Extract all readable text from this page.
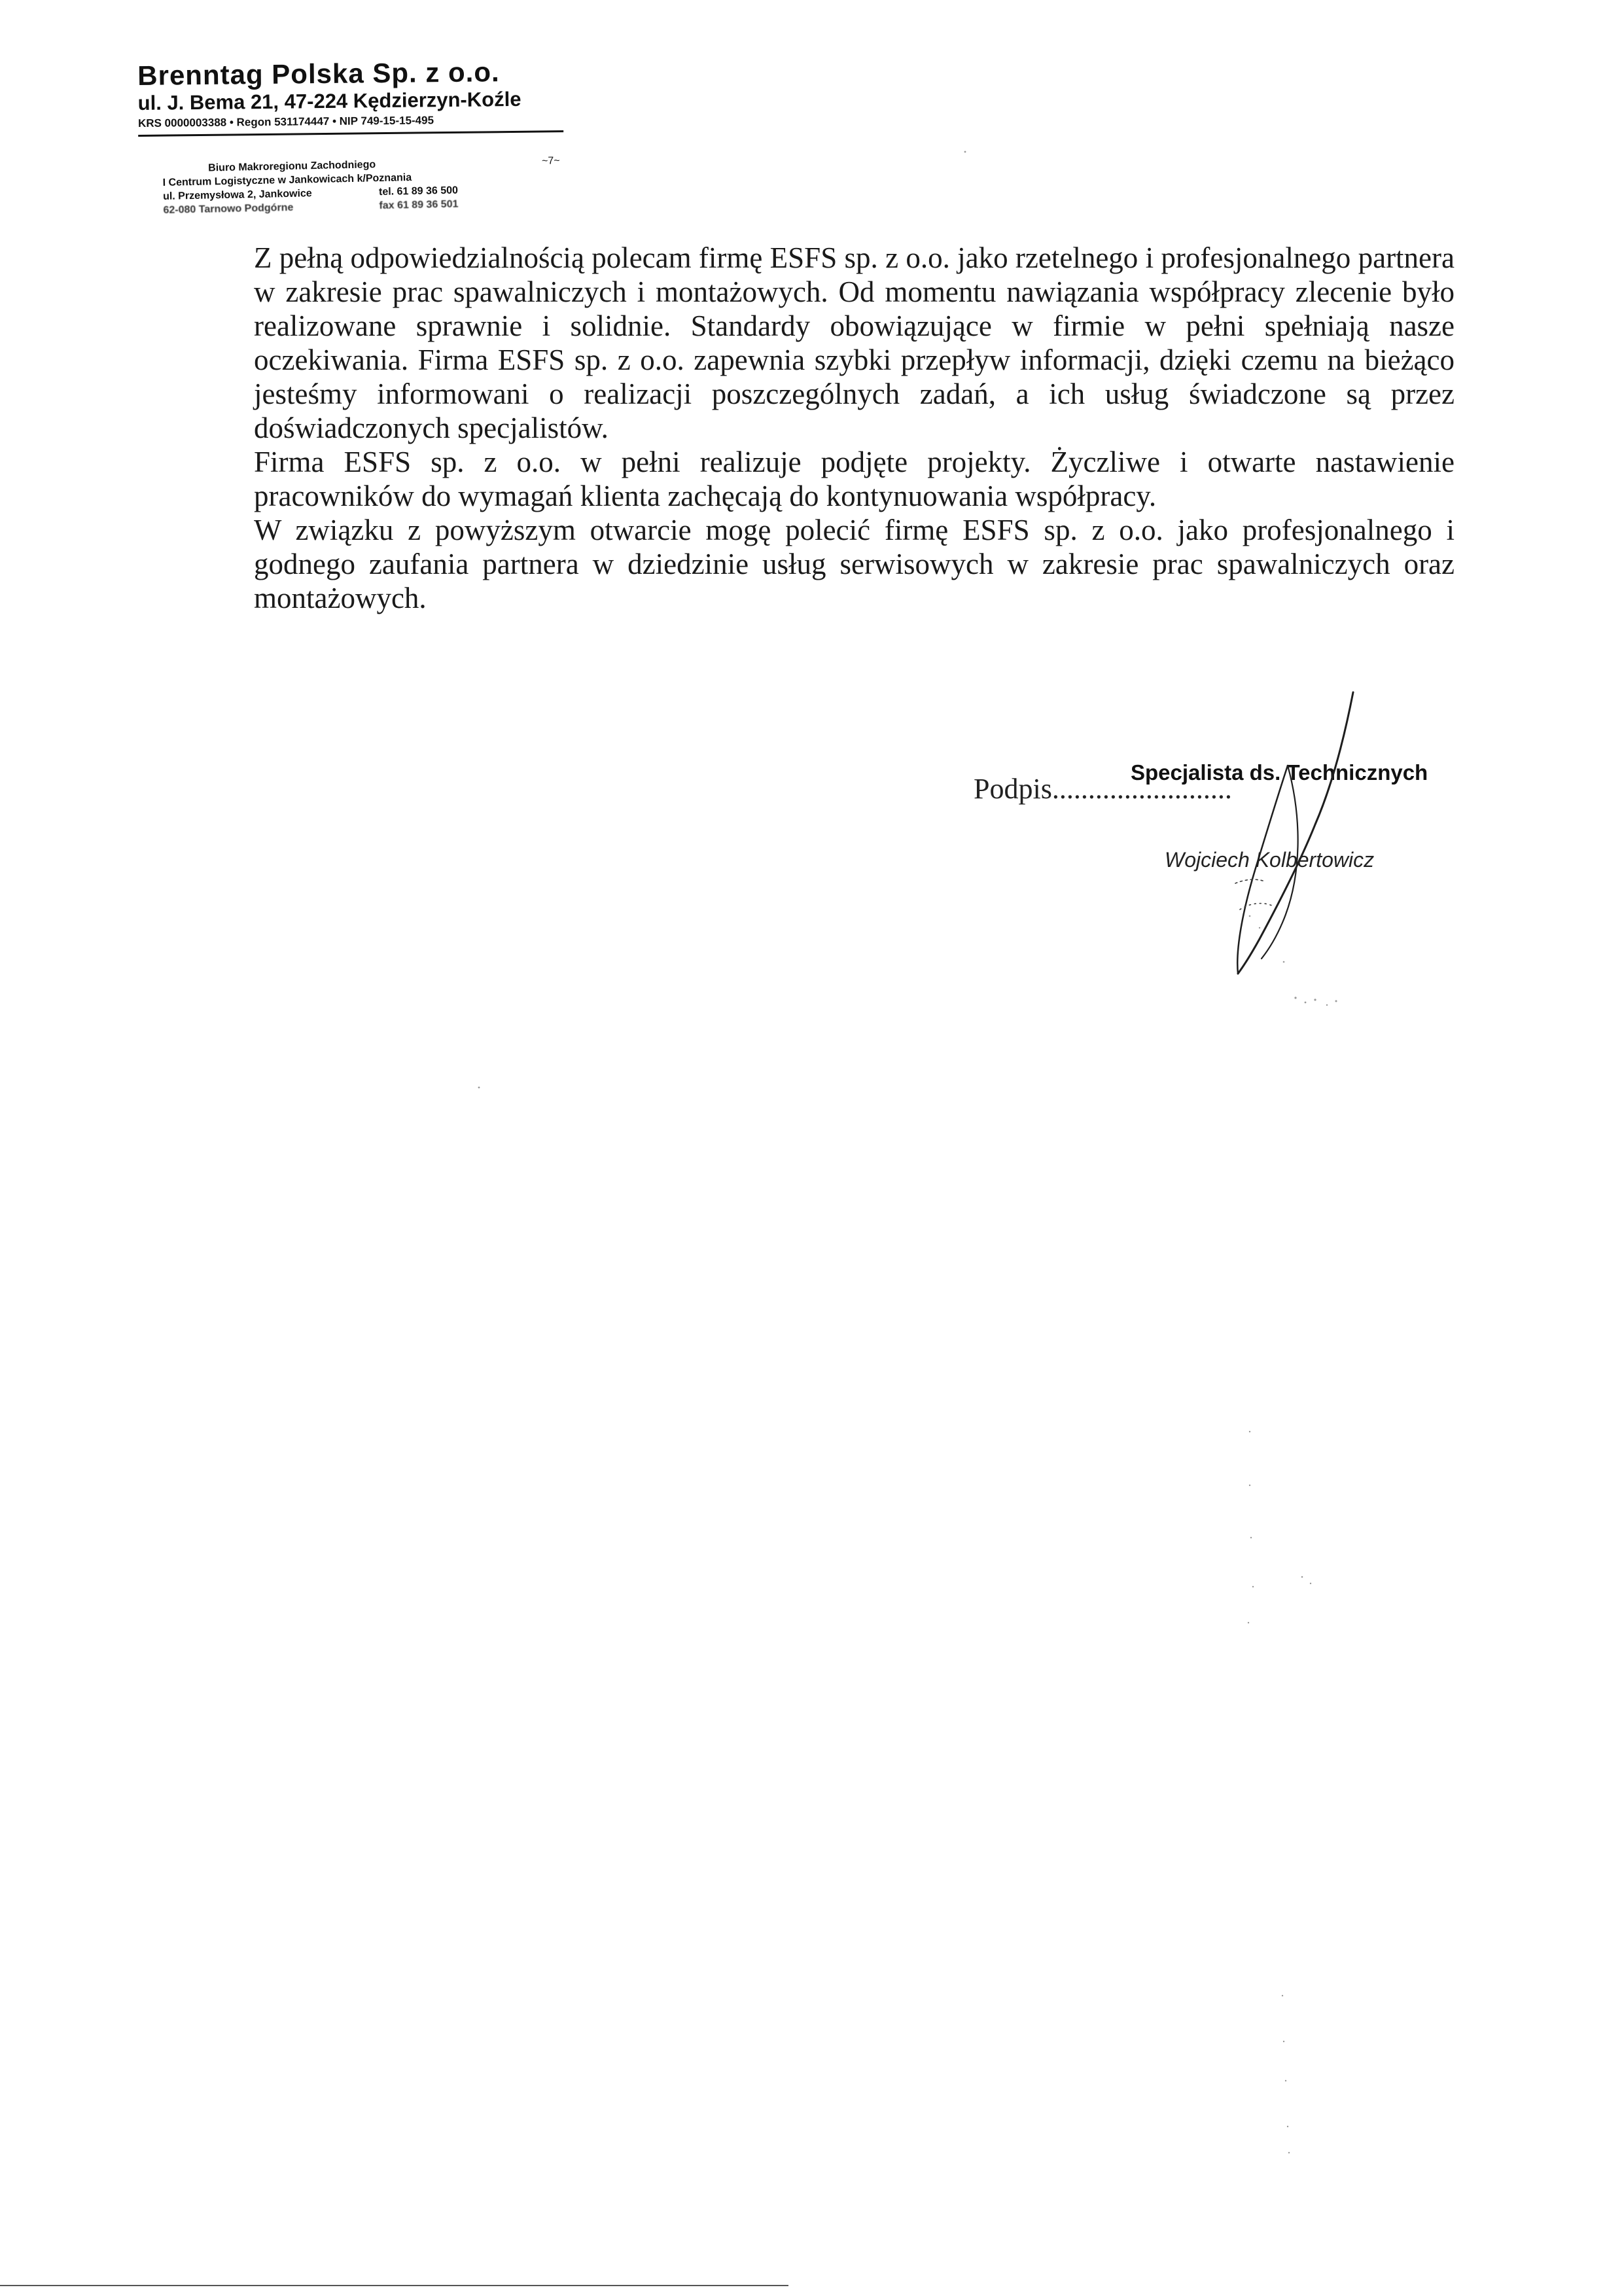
Brenntag Polska Sp. z o.o.

ul. J. Bema 21, 47-224 Kędzierzyn-Koźle

KRS 0000003388 • Regon 531174447 • NIP 749-15-15-495

Biuro Makroregionu Zachodniego	~7~
I Centrum Logistyczne w Jankowicach k/Poznania
ul. Przemysłowa 2, Jankowice	tel. 61 89 36 500
62-080 Tarnowo Podgórne	fax 61 89 36 501

Z pełną odpowiedzialnością polecam firmę ESFS sp. z o.o. jako rzetelnego i profesjonalnego partnera w zakresie prac spawalniczych i montażowych. Od momentu nawiązania współpracy zlecenie było realizowane sprawnie i solidnie. Standardy obowiązujące w firmie w pełni spełniają nasze oczekiwania. Firma ESFS sp. z o.o. zapewnia szybki przepływ informacji, dzięki czemu na bieżąco jesteśmy informowani o realizacji poszczególnych zadań, a ich usług świadczone są przez doświadczonych specjalistów.

Firma ESFS sp. z o.o. w pełni realizuje podjęte projekty. Życzliwe i otwarte nastawienie pracowników do wymagań klienta zachęcają do kontynuowania współpracy.

W związku z powyższym otwarcie mogę polecić firmę ESFS sp. z o.o. jako profesjonalnego i godnego zaufania partnera w dziedzinie usług serwisowych w zakresie prac spawalniczych oraz montażowych.

Podpis.........................
Specjalista ds. Technicznych
Wojciech Kolbertowicz
